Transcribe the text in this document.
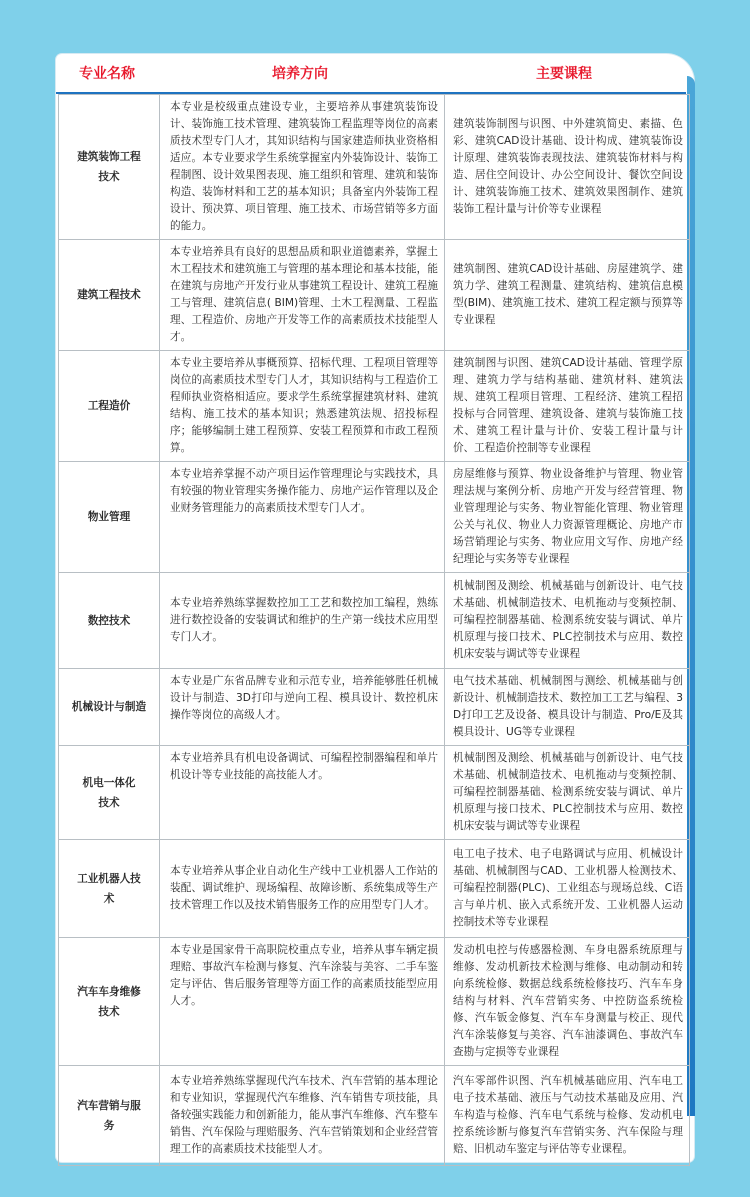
专业名称	培养方向	主要课程
建筑装饰工程技术	本专业是校级重点建设专业，主要培养从事建筑装饰设计、装饰施工技术管理、建筑装饰工程监理等岗位的高素质技术型专门人才，其知识结构与国家建造师执业资格相适应。本专业要求学生系统掌握室内外装饰设计、装饰工程制图、设计效果图表现、施工组织和管理、建筑和装饰构造、装饰材料和工艺的基本知识；具备室内外装饰工程设计、预决算、项目管理、施工技术、市场营销等多方面的能力。	建筑装饰制图与识图、中外建筑简史、素描、色彩、建筑CAD设计基础、设计构成、建筑装饰设计原理、建筑装饰表现技法、建筑装饰材料与构造、居住空间设计、办公空间设计、餐饮空间设计、建筑装饰施工技术、建筑效果图制作、建筑装饰工程计量与计价等专业课程

建筑工程技术	本专业培养具有良好的思想品质和职业道德素养，掌握土木工程技术和建筑施工与管理的基本理论和基本技能，能在建筑与房地产开发行业从事建筑工程设计、建筑工程施工与管理、建筑信息( BIM)管理、土木工程测量、工程监理、工程造价、房地产开发等工作的高素质技术技能型人才。	建筑制图、建筑CAD设计基础、房屋建筑学、建筑力学、建筑工程测量、建筑结构、建筑信息模型(BIM)、建筑施工技术、建筑工程定额与预算等专业课程

工程造价	本专业主要培养从事概预算、招标代理、工程项目管理等岗位的高素质技术型专门人才，其知识结构与工程造价工程师执业资格相适应。要求学生系统掌握建筑材料、建筑结构、施工技术的基本知识；熟悉建筑法规、招投标程序；能够编制土建工程预算、安装工程预算和市政工程预算。	建筑制图与识图、建筑CAD设计基础、管理学原理、建筑力学与结构基础、建筑材料、建筑法规、建筑工程项目管理、工程经济、建筑工程招投标与合同管理、建筑设备、建筑与装饰施工技术、建筑工程计量与计价、安装工程计量与计价、工程造价控制等专业课程

物业管理	本专业培养掌握不动产项目运作管理理论与实践技术，具有较强的物业管理实务操作能力、房地产运作管理以及企业财务管理能力的高素质技术型专门人才。	房屋维修与预算、物业设备维护与管理、物业管理法规与案例分析、房地产开发与经营管理、物业管理理论与实务、物业智能化管理、物业管理公关与礼仪、物业人力资源管理概论、房地产市场营销理论与实务、物业应用文写作、房地产经纪理论与实务等专业课程

数控技术	本专业培养熟练掌握数控加工工艺和数控加工编程，熟练进行数控设备的安装调试和维护的生产第一线技术应用型专门人才。	机械制图及测绘、机械基础与创新设计、电气技术基础、机械制造技术、电机拖动与变频控制、可编程控制器基础、检测系统安装与调试、单片机原理与接口技术、PLC控制技术与应用、数控机床安装与调试等专业课程

机械设计与制造	本专业是广东省品牌专业和示范专业，培养能够胜任机械设计与制造、3D打印与逆向工程、模具设计、数控机床操作等岗位的高级人才。	电气技术基础、机械制图与测绘、机械基础与创新设计、机械制造技术、数控加工工艺与编程、3D打印工艺及设备、模具设计与制造、Pro/E及其模具设计、UG等专业课程

机电一体化技术	本专业培养具有机电设备调试、可编程控制器编程和单片机设计等专业技能的高技能人才。	机械制图及测绘、机械基础与创新设计、电气技术基础、机械制造技术、电机拖动与变频控制、可编程控制器基础、检测系统安装与调试、单片机原理与接口技术、PLC控制技术与应用、数控机床安装与调试等专业课程

工业机器人技术	本专业培养从事企业自动化生产线中工业机器人工作站的装配、调试维护、现场编程、故障诊断、系统集成等生产技术管理工作以及技术销售服务工作的应用型专门人才。	电工电子技术、电子电路调试与应用、机械设计基础、机械制图与CAD、工业机器人检测技术、可编程控制器(PLC)、工业组态与现场总线、C语言与单片机、嵌入式系统开发、工业机器人运动控制技术等专业课程

汽车车身维修技术	本专业是国家骨干高职院校重点专业，培养从事车辆定损理赔、事故汽车检测与修复、汽车涂装与美容、二手车鉴定与评估、售后服务管理等方面工作的高素质技能型应用人才。	发动机电控与传感器检测、车身电器系统原理与维修、发动机新技术检测与维修、电动制动和转向系统检修、数据总线系统检修技巧、汽车车身结构与材料、汽车营销实务、中控防盗系统检修、汽车钣金修复、汽车车身测量与校正、现代汽车涂装修复与美容、汽车油漆调色、事故汽车查勘与定损等专业课程

汽车营销与服务	本专业培养熟练掌握现代汽车技术、汽车营销的基本理论和专业知识，掌握现代汽车维修、汽车销售专项技能，具备较强实践能力和创新能力，能从事汽车维修、汽车整车销售、汽车保险与理赔服务、汽车营销策划和企业经营管理工作的高素质技术技能型人才。	汽车零部件识图、汽车机械基础应用、汽车电工电子技术基础、液压与气动技术基础及应用、汽车构造与检修、汽车电气系统与检修、发动机电控系统诊断与修复汽车营销实务、汽车保险与理赔、旧机动车鉴定与评估等专业课程。
